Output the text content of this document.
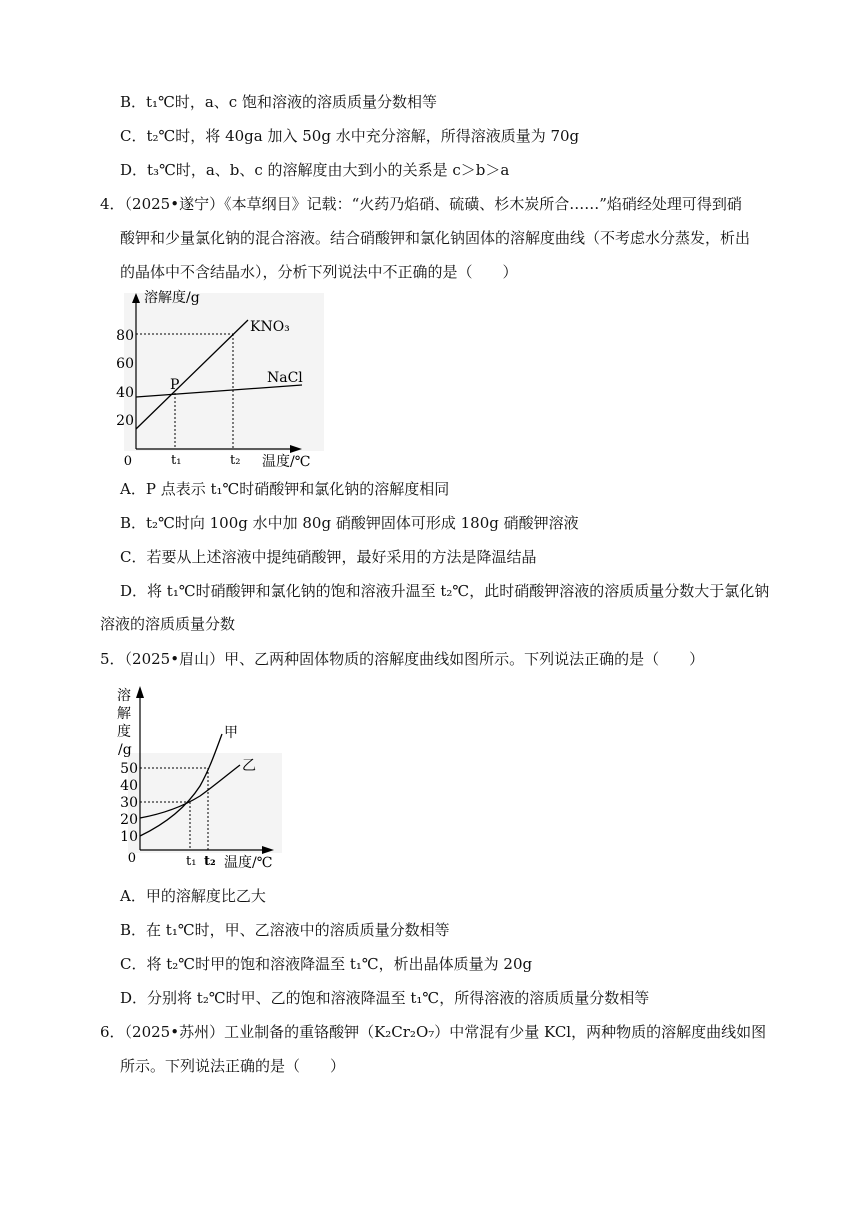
B．t₁℃时，a、c 饱和溶液的溶质质量分数相等
C．t₂℃时，将 40ga 加入 50g 水中充分溶解，所得溶液质量为 70g
D．t₃℃时，a、b、c 的溶解度由大到小的关系是 c＞b＞a
4．（2025•遂宁）《本草纲目》记载：“火药乃焰硝、硫磺、杉木炭所合……”焰硝经处理可得到硝
酸钾和少量氯化钠的混合溶液。结合硝酸钾和氯化钠固体的溶解度曲线（不考虑水分蒸发，析出
的晶体中不含结晶水），分析下列说法中不正确的是（　　）
溶解度/g
温度/℃
0
80
60
40
20
P
KNO₃
NaCl
t₁	t₂
A．P 点表示 t₁℃时硝酸钾和氯化钠的溶解度相同
B．t₂℃时向 100g 水中加 80g 硝酸钾固体可形成 180g 硝酸钾溶液
C．若要从上述溶液中提纯硝酸钾，最好采用的方法是降温结晶
D．将 t₁℃时硝酸钾和氯化钠的饱和溶液升温至 t₂℃，此时硝酸钾溶液的溶质质量分数大于氯化钠
溶液的溶质质量分数
5．（2025•眉山）甲、乙两种固体物质的溶解度曲线如图所示。下列说法正确的是（　　）
溶
解
度
/g
50
40
30
20
10
0
甲
乙
t₁ t₂ 温度/℃
A．甲的溶解度比乙大
B．在 t₁℃时，甲、乙溶液中的溶质质量分数相等
C．将 t₂℃时甲的饱和溶液降温至 t₁℃，析出晶体质量为 20g
D．分别将 t₂℃时甲、乙的饱和溶液降温至 t₁℃，所得溶液的溶质质量分数相等
6．（2025•苏州）工业制备的重铬酸钾（K₂Cr₂O₇）中常混有少量 KCl，两种物质的溶解度曲线如图
所示。下列说法正确的是（　　）
